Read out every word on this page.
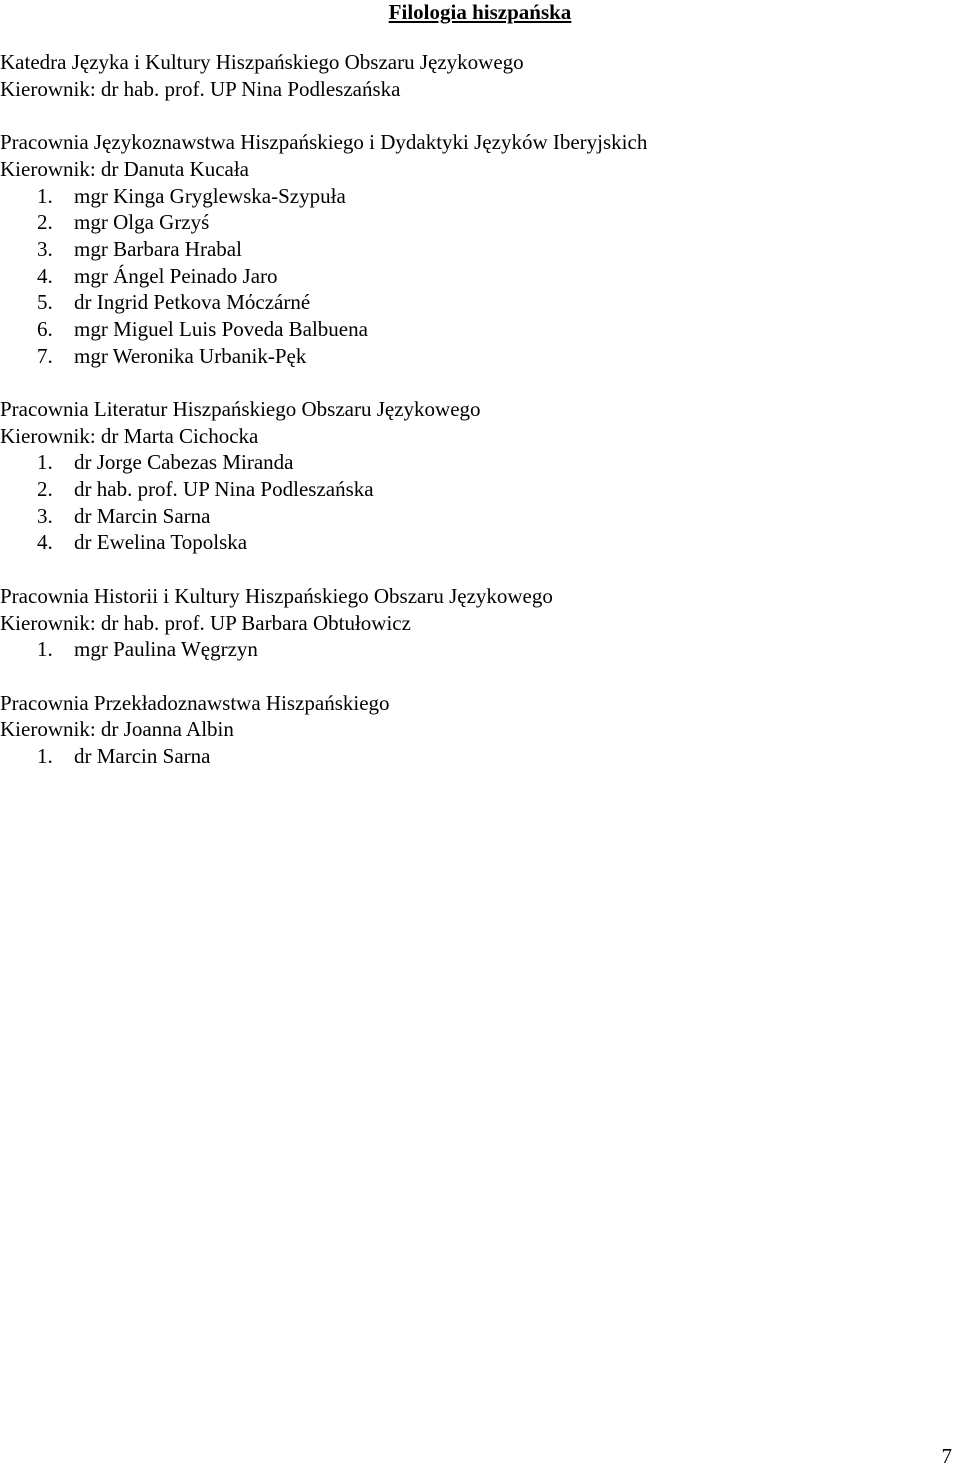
Filologia hiszpańska
Katedra Języka i Kultury Hiszpańskiego Obszaru Językowego
Kierownik: dr hab. prof. UP Nina Podleszańska
Pracownia Językoznawstwa Hiszpańskiego i Dydaktyki Języków Iberyjskich
Kierownik: dr Danuta Kucała
1. mgr Kinga Gryglewska-Szypuła
2. mgr Olga Grzyś
3. mgr Barbara Hrabal
4. mgr Ángel Peinado Jaro
5. dr Ingrid Petkova Mόczárné
6. mgr Miguel Luis Poveda Balbuena
7. mgr Weronika Urbanik-Pęk
Pracownia Literatur Hiszpańskiego Obszaru Językowego
Kierownik: dr Marta Cichocka
1. dr Jorge Cabezas Miranda
2. dr hab. prof. UP Nina Podleszańska
3. dr Marcin Sarna
4. dr Ewelina Topolska
Pracownia Historii i Kultury Hiszpańskiego Obszaru Językowego
Kierownik: dr hab. prof. UP Barbara Obtułowicz
1. mgr Paulina Węgrzyn
Pracownia Przekładoznawstwa Hiszpańskiego
Kierownik: dr Joanna Albin
1. dr Marcin Sarna
7
